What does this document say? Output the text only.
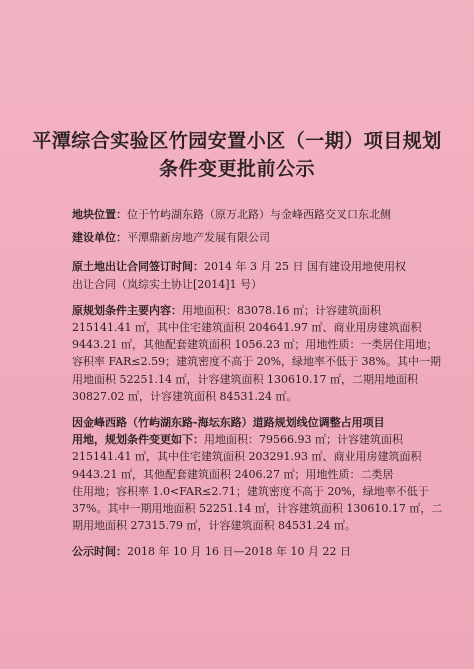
平潭综合实验区竹园安置小区（一期）项目规划
条件变更批前公示
地块位置：位于竹屿湖东路（原万北路）与金峰西路交叉口东北侧
建设单位：平潭鼎新房地产发展有限公司
原土地出让合同签订时间：2014 年 3 月 25 日 国有建设用地使用权
出让合同（岚综实土协让[2014]1 号）
原规划条件主要内容：用地面积：83078.16 ㎡；计容建筑面积
215141.41 ㎡，其中住宅建筑面积 204641.97 ㎡、商业用房建筑面积
9443.21 ㎡，其他配套建筑面积 1056.23 ㎡；用地性质：一类居住用地；
容积率 FAR≤2.59；建筑密度不高于 20%，绿地率不低于 38%。其中一期
用地面积 52251.14 ㎡，计容建筑面积 130610.17 ㎡，二期用地面积
30827.02 ㎡，计容建筑面积 84531.24 ㎡。
因金峰西路（竹屿湖东路-海坛东路）道路规划线位调整占用项目
用地，规划条件变更如下：用地面积：79566.93 ㎡；计容建筑面积
215141.41 ㎡，其中住宅建筑面积 203291.93 ㎡、商业用房建筑面积
9443.21 ㎡，其他配套建筑面积 2406.27 ㎡；用地性质：二类居
住用地；容积率 1.0<FAR≤2.71；建筑密度不高于 20%，绿地率不低于
37%。其中一期用地面积 52251.14 ㎡，计容建筑面积 130610.17 ㎡，二
期用地面积 27315.79 ㎡，计容建筑面积 84531.24 ㎡。
公示时间：2018 年 10 月 16 日—2018 年 10 月 22 日
